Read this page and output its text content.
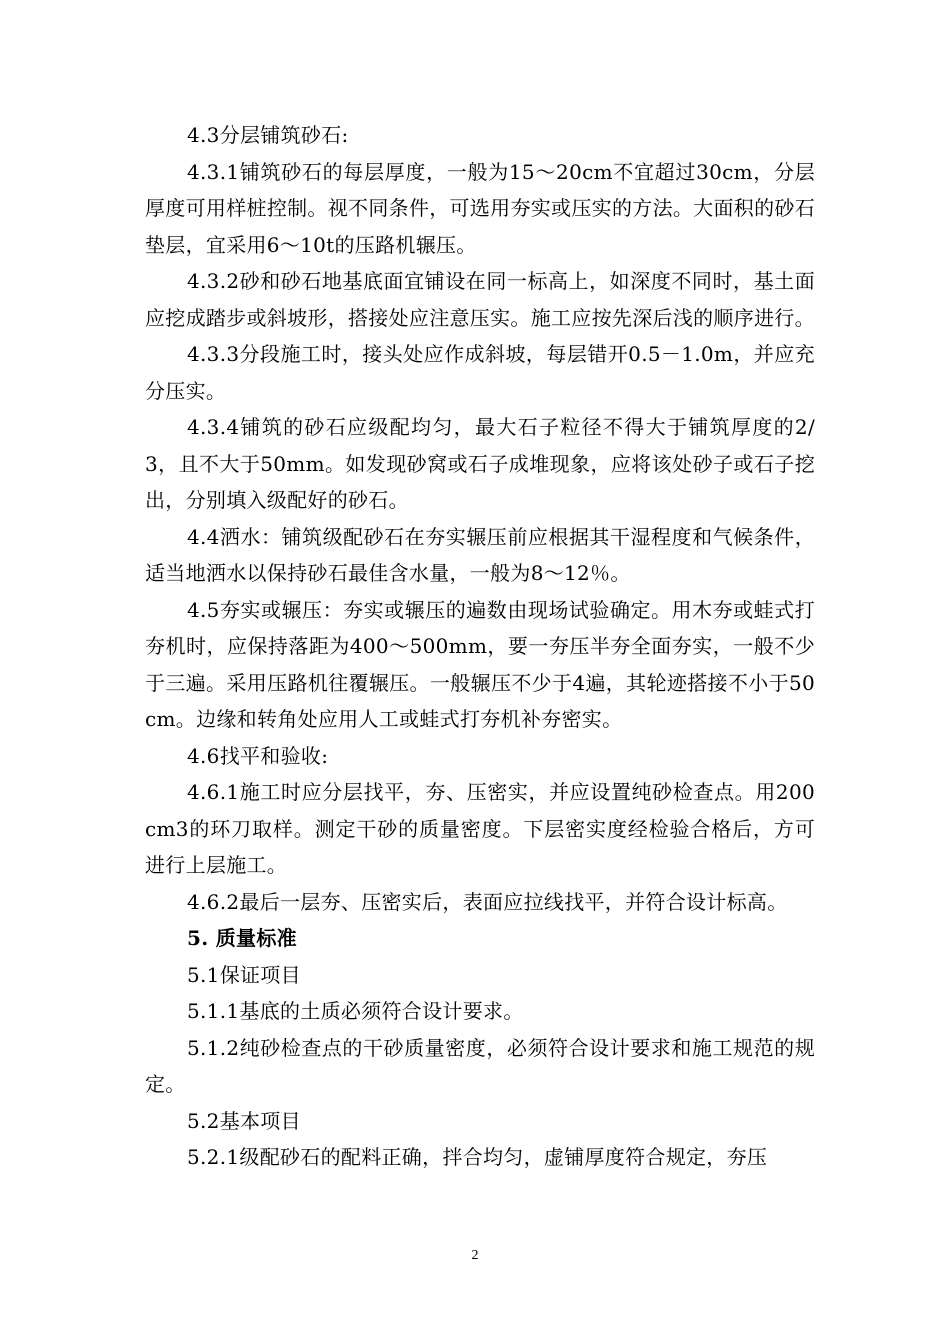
4.3分层铺筑砂石:

4.3.1铺筑砂石的每层厚度，一般为15～20cm不宜超过30cm，分层厚度可用样桩控制。视不同条件，可选用夯实或压实的方法。大面积的砂石垫层，宜采用6～10t的压路机辗压。

4.3.2砂和砂石地基底面宜铺设在同一标高上，如深度不同时，基土面应挖成踏步或斜坡形，搭接处应注意压实。施工应按先深后浅的顺序进行。

4.3.3分段施工时，接头处应作成斜坡，每层错开0.5－1.0m，并应充分压实。

4.3.4铺筑的砂石应级配均匀，最大石子粒径不得大于铺筑厚度的2/3，且不大于50mm。如发现砂窝或石子成堆现象，应将该处砂子或石子挖出，分别填入级配好的砂石。

4.4洒水：铺筑级配砂石在夯实辗压前应根据其干湿程度和气候条件，适当地洒水以保持砂石最佳含水量，一般为8～12％。

4.5夯实或辗压：夯实或辗压的遍数由现场试验确定。用木夯或蛙式打夯机时，应保持落距为400～500mm，要一夯压半夯全面夯实，一般不少于三遍。采用压路机往覆辗压。一般辗压不少于4遍，其轮迹搭接不小于50cm。边缘和转角处应用人工或蛙式打夯机补夯密实。

4.6找平和验收:

4.6.1施工时应分层找平，夯、压密实，并应设置纯砂检查点。用200cm3的环刀取样。测定干砂的质量密度。下层密实度经检验合格后，方可进行上层施工。

4.6.2最后一层夯、压密实后，表面应拉线找平，并符合设计标高。

5. 质量标准

5.1保证项目

5.1.1基底的土质必须符合设计要求。

5.1.2纯砂检查点的干砂质量密度，必须符合设计要求和施工规范的规定。

5.2基本项目

5.2.1级配砂石的配料正确，拌合均匀，虚铺厚度符合规定，夯压

2
